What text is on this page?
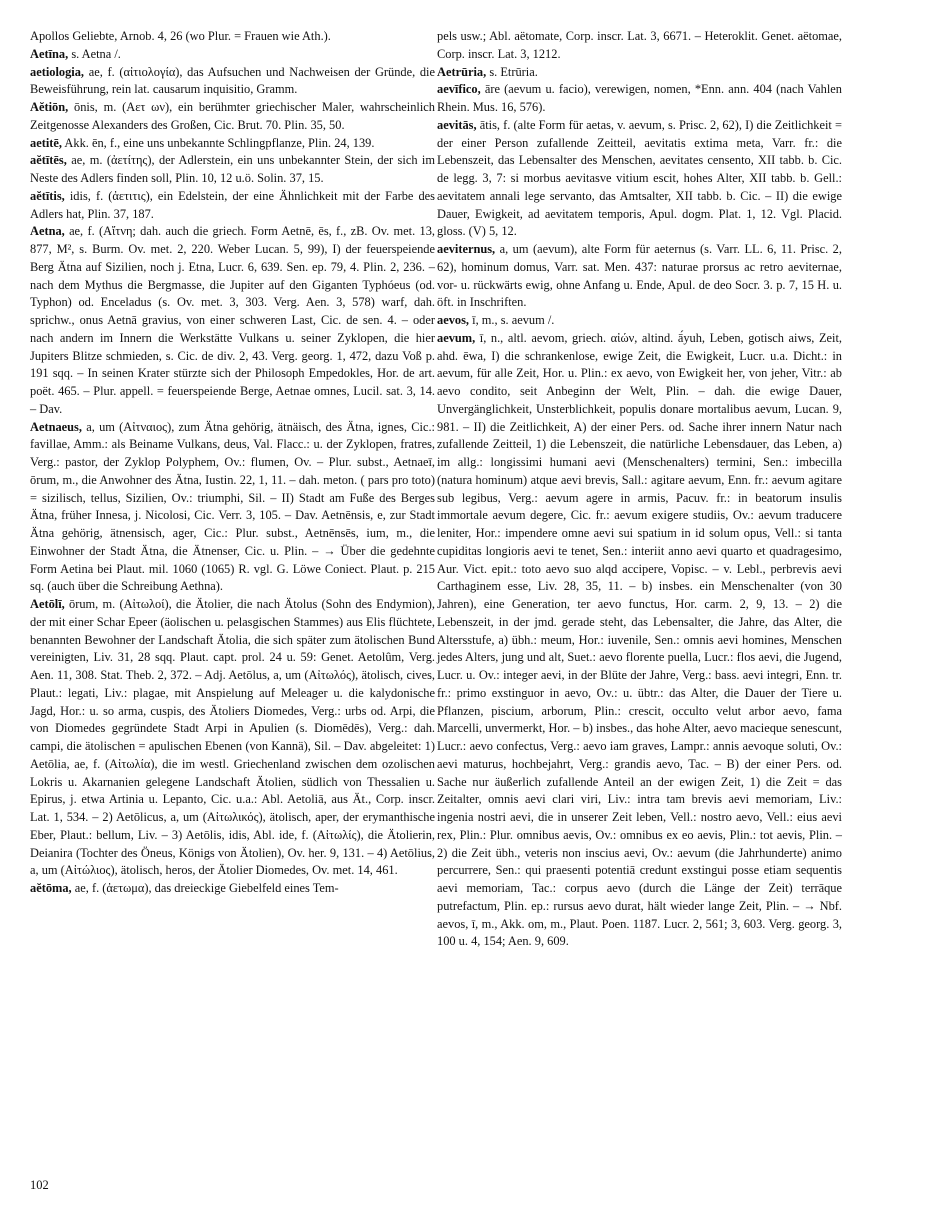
Apollos Geliebte, Arnob. 4, 26 (wo Plur. = Frauen wie Ath.).

Aetīna, s. Aetna /.

aetiologia, ae, f. (αἰτιολογία), das Aufsuchen und Nachweisen der Gründe, die Beweisführung, rein lat. causarum inquisitio, Gramm.

Aĕtiōn, ōnis, m. (Αετ ων), ein berühmter griechischer Maler, wahrscheinlich Zeitgenosse Alexanders des Großen, Cic. Brut. 70. Plin. 35, 50.

aetitē, Akk. ēn, f., eine uns unbekannte Schlingpflanze, Plin. 24, 139.

aĕtītēs, ae, m. (ἀετίτης), der Adlerstein, ein uns unbekannter Stein, der sich im Neste des Adlers finden soll, Plin. 10, 12 u.ö. Solin. 37, 15.

aĕtītis, idis, f. (ἀετιτις), ein Edelstein, der eine Ähnlichkeit mit der Farbe des Adlers hat, Plin. 37, 187.

Aetna, ae, f. (Αἴτνη; dah. auch die griech. Form Aetnē, ēs, f., zB. Ov. met. 13, 877, M², s. Burm. Ov. met. 2, 220. Weber Lucan. 5, 99), I) der feuerspeiende Berg Ätna auf Sizilien, noch j. Etna, Lucr. 6, 639. Sen. ep. 79, 4. Plin. 2, 236. – nach dem Mythus die Bergmasse, die Jupiter auf den Giganten Typhóeus (od. Typhon) od. Enceladus (s. Ov. met. 3, 303. Verg. Aen. 3, 578) warf, dah. sprichw., onus Aetnā gravius, von einer schweren Last, Cic. de sen. 4. – oder nach andern im Innern die Werkstätte Vulkans u. seiner Zyklopen, die hier Jupiters Blitze schmieden, s. Cic. de div. 2, 43. Verg. georg. 1, 472, dazu Voß p. 191 sqq. – In seinen Krater stürzte sich der Philosoph Empedokles, Hor. de art. poët. 465. – Plur. appell. = feuerspeiende Berge, Aetnae omnes, Lucil. sat. 3, 14. – Dav.

Aetnaeus, a, um (Αἰτναιος), zum Ätna gehörig, ätnäisch, des Ätna, ignes, Cic.: favillae, Amm.: als Beiname Vulkans, deus, Val. Flacc.: u. der Zyklopen, fratres, Verg.: pastor, der Zyklop Polyphem, Ov.: flumen, Ov. – Plur. subst., Aetnaeī, ōrum, m., die Anwohner des Ätna, Iustin. 22, 1, 11. – dah. meton. ( pars pro toto) = sizilisch, tellus, Sizilien, Ov.: triumphi, Sil. – II) Stadt am Fuße des Berges Ätna, früher Innesa, j. Nicolosi, Cic. Verr. 3, 105. – Dav. Aetnēnsis, e, zur Stadt Ätna gehörig, ätnensisch, ager, Cic.: Plur. subst., Aetnēnsēs, ium, m., die Einwohner der Stadt Ätna, die Ätnenser, Cic. u. Plin. – → Über die gedehnte Form Aetina bei Plaut. mil. 1060 (1065) R. vgl. G. Löwe Coniect. Plaut. p. 215 sq. (auch über die Schreibung Aethna).

Aetōlī, ōrum, m. (Αἰτωλοί), die Ätolier, die nach Ätolus (Sohn des Endymion), der mit einer Schar Epeer (äolischen u. pelasgischen Stammes) aus Elis flüchtete, benannten Bewohner der Landschaft Ätolia, die sich später zum ätolischen Bund vereinigten, Liv. 31, 28 sqq. Plaut. capt. prol. 24 u. 59: Genet. Aetolûm, Verg. Aen. 11, 308. Stat. Theb. 2, 372. – Adj. Aetōlus, a, um (Αἰτωλός), ätolisch, cives, Plaut.: legati, Liv.: plagae, mit Anspielung auf Meleager u. die kalydonische Jagd, Hor.: u. so arma, cuspis, des Ätoliers Diomedes, Verg.: urbs od. Arpi, die von Diomedes gegründete Stadt Arpi in Apulien (s. Diomēdēs), Verg.: dah. campi, die ätolischen = apulischen Ebenen (von Kannä), Sil. – Dav. abgeleitet: 1) Aetōlia, ae, f. (Αἰτωλία), die im westl. Griechenland zwischen dem ozolischen Lokris u. Akarnanien gelegene Landschaft Ätolien, südlich von Thessalien u. Epirus, j. etwa Artinia u. Lepanto, Cic. u.a.: Abl. Aetoliā, aus Ät., Corp. inscr. Lat. 1, 534. – 2) Aetōlicus, a, um (Αἰτωλικός), ätolisch, aper, der erymanthische Eber, Plaut.: bellum, Liv. – 3) Aetōlis, idis, Abl. ide, f. (Αἰτωλίς), die Ätolierin, Deianira (Tochter des Öneus, Königs von Ätolien), Ov. her. 9, 131. – 4) Aetōlius, a, um (Αἰτώλιος), ätolisch, heros, der Ätolier Diomedes, Ov. met. 14, 461.

aĕtōma, ae, f. (ἀετωμα), das dreieckige Giebelfeld eines Tem-

pels usw.; Abl. aëtomate, Corp. inscr. Lat. 3, 6671. – Heteroklit. Genet. aëtomae, Corp. inscr. Lat. 3, 1212.

Aetrūria, s. Etrūria.

aevīfico, āre (aevum u. facio), verewigen, nomen, *Enn. ann. 404 (nach Vahlen Rhein. Mus. 16, 576).

aevitās, ātis, f. (alte Form für aetas, v. aevum, s. Prisc. 2, 62), I) die Zeitlichkeit = der einer Person zufallende Zeitteil, aevitatis extima meta, Varr. fr.: die Lebenszeit, das Lebensalter des Menschen, aevitates censento, XII tabb. b. Cic. de legg. 3, 7: si morbus aevitasve vitium escit, hohes Alter, XII tabb. b. Gell.: aevitatem annali lege servanto, das Amtsalter, XII tabb. b. Cic. – II) die ewige Dauer, Ewigkeit, ad aevitatem temporis, Apul. dogm. Plat. 1, 12. Vgl. Placid. gloss. (V) 5, 12.

aeviternus, a, um (aevum), alte Form für aeternus (s. Varr. LL. 6, 11. Prisc. 2, 62), hominum domus, Varr. sat. Men. 437: naturae prorsus ac retro aeviternae, vor- u. rückwärts ewig, ohne Anfang u. Ende, Apul. de deo Socr. 3. p. 7, 15 H. u. öft. in Inschriften.

aevos, ī, m., s. aevum /.

aevum, ī, n., altl. aevom, griech. αἰών, altind. ā́yuh, Leben, gotisch aiws, Zeit, ahd. ēwa, I) die schrankenlose, ewige Zeit, die Ewigkeit, Lucr. u.a. Dicht.: in aevum, für alle Zeit, Hor. u. Plin.: ex aevo, von Ewigkeit her, von jeher, Vitr.: ab aevo condito, seit Anbeginn der Welt, Plin. – dah. die ewige Dauer, Unvergänglichkeit, Unsterblichkeit, populis donare mortalibus aevum, Lucan. 9, 981. – II) die Zeitlichkeit, A) der einer Pers. od. Sache ihrer innern Natur nach zufallende Zeitteil, 1) die Lebenszeit, die natürliche Lebensdauer, das Leben, a) im allg.: longissimi humani aevi (Menschenalters) termini, Sen.: imbecilla (natura hominum) atque aevi brevis, Sall.: agitare aevum, Enn. fr.: aevum agitare sub legibus, Verg.: aevum agere in armis, Pacuv. fr.: in beatorum insulis immortale aevum degere, Cic. fr.: aevum exigere studiis, Ov.: aevum traducere leniter, Hor.: impendere omne aevi sui spatium in id solum opus, Vell.: si tanta cupiditas longioris aevi te tenet, Sen.: interiit anno aevi quarto et quadragesimo, Aur. Vict. epit.: toto aevo suo alqd accipere, Vopisc. – v. Lebl., perbrevis aevi Carthaginem esse, Liv. 28, 35, 11. – b) insbes. ein Menschenalter (von 30 Jahren), eine Generation, ter aevo functus, Hor. carm. 2, 9, 13. – 2) die Lebenszeit, in der jmd. gerade steht, das Lebensalter, die Jahre, das Alter, die Altersstufe, a) übh.: meum, Hor.: iuvenile, Sen.: omnis aevi homines, Menschen jedes Alters, jung und alt, Suet.: aevo florente puella, Lucr.: flos aevi, die Jugend, Lucr. u. Ov.: integer aevi, in der Blüte der Jahre, Verg.: bass. aevi integri, Enn. tr. fr.: primo exstinguor in aevo, Ov.: u. übtr.: das Alter, die Dauer der Tiere u. Pflanzen, piscium, arborum, Plin.: crescit, occulto velut arbor aevo, fama Marcelli, unvermerkt, Hor. – b) insbes., das hohe Alter, aevo macieque senescunt, Lucr.: aevo confectus, Verg.: aevo iam graves, Lampr.: annis aevoque soluti, Ov.: aevi maturus, hochbejahrt, Verg.: grandis aevo, Tac. – B) der einer Pers. od. Sache nur äußerlich zufallende Anteil an der ewigen Zeit, 1) die Zeit = das Zeitalter, omnis aevi clari viri, Liv.: intra tam brevis aevi memoriam, Liv.: ingenia nostri aevi, die in unserer Zeit leben, Vell.: nostro aevo, Vell.: eius aevi rex, Plin.: Plur. omnibus aevis, Ov.: omnibus ex eo aevis, Plin.: tot aevis, Plin. – 2) die Zeit übh., veteris non inscius aevi, Ov.: aevum (die Jahrhunderte) animo percurrere, Sen.: qui praesenti potentiā credunt exstingui posse etiam sequentis aevi memoriam, Tac.: corpus aevo (durch die Länge der Zeit) terrāque putrefactum, Plin. ep.: rursus aevo durat, hält wieder lange Zeit, Plin. – → Nbf. aevos, ī, m., Akk. om, m., Plaut. Poen. 1187. Lucr. 2, 561; 3, 603. Verg. georg. 3, 100 u. 4, 154; Aen. 9, 609.

102
